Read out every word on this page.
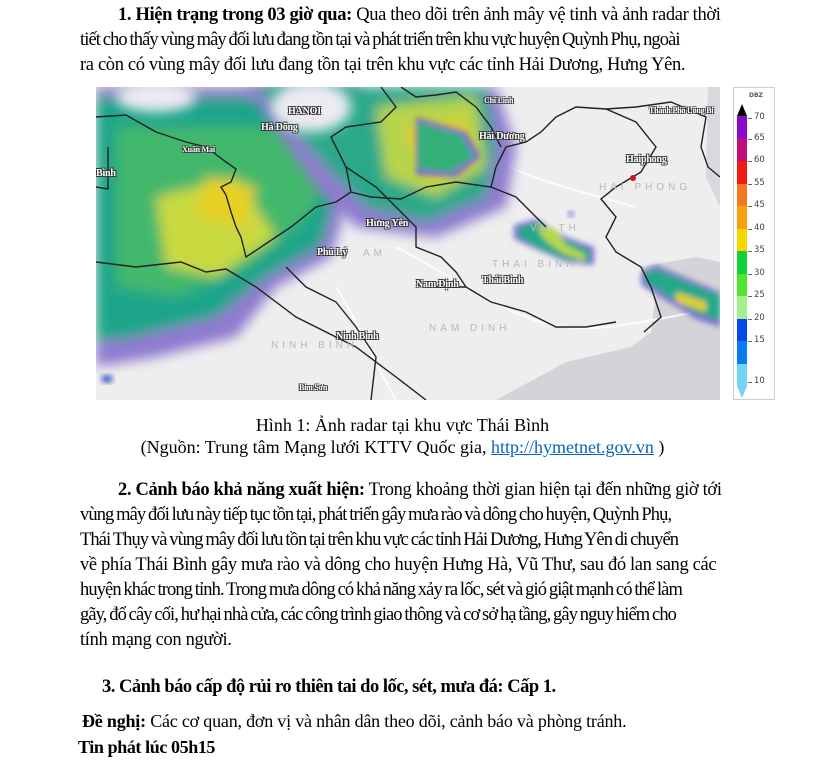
1. Hiện trạng trong 03 giờ qua: Qua theo dõi trên ảnh mây vệ tinh và ảnh radar thời
tiết cho thấy vùng mây đối lưu đang tồn tại và phát triển trên khu vực huyện Quỳnh Phụ, ngoài
ra còn có vùng mây đối lưu đang tồn tại trên khu vực các tỉnh Hải Dương, Hưng Yên.
HAI PHONG
THAI BINH
NAM DINH
NINH BINH
AM
VU TH
HANOI
Hà Đông
Xuân Mai
Bình
Chí Linh
Hải Dương
Thành Phố Uông Bí
Haiphong
Hưng Yên
Phủ Lý
Nam Định Thái Bình
Ninh Bình
Bỉm Sơn
DBZ
70
65
60
55
45
40
35
30
25
20
15
10
Hình 1: Ảnh radar tại khu vực Thái Bình
(Nguồn: Trung tâm Mạng lưới KTTV Quốc gia, http://hymetnet.gov.vn )
2. Cảnh báo khả năng xuất hiện: Trong khoảng thời gian hiện tại đến những giờ tới
vùng mây đối lưu này tiếp tục tồn tại, phát triển gây mưa rào và dông cho huyện, Quỳnh Phụ,
Thái Thụy và vùng mây đối lưu tồn tại trên khu vực các tỉnh Hải Dương, Hưng Yên di chuyển
về phía Thái Bình gây mưa rào và dông cho huyện Hưng Hà, Vũ Thư, sau đó lan sang các
huyện khác trong tỉnh. Trong mưa dông có khả năng xảy ra lốc, sét và gió giật mạnh có thể làm
gãy, đổ cây cối, hư hại nhà cửa, các công trình giao thông và cơ sở hạ tầng, gây nguy hiểm cho
tính mạng con người.
3. Cảnh báo cấp độ rủi ro thiên tai do lốc, sét, mưa đá: Cấp 1.
Đề nghị: Các cơ quan, đơn vị và nhân dân theo dõi, cảnh báo và phòng tránh.
Tin phát lúc 05h15
